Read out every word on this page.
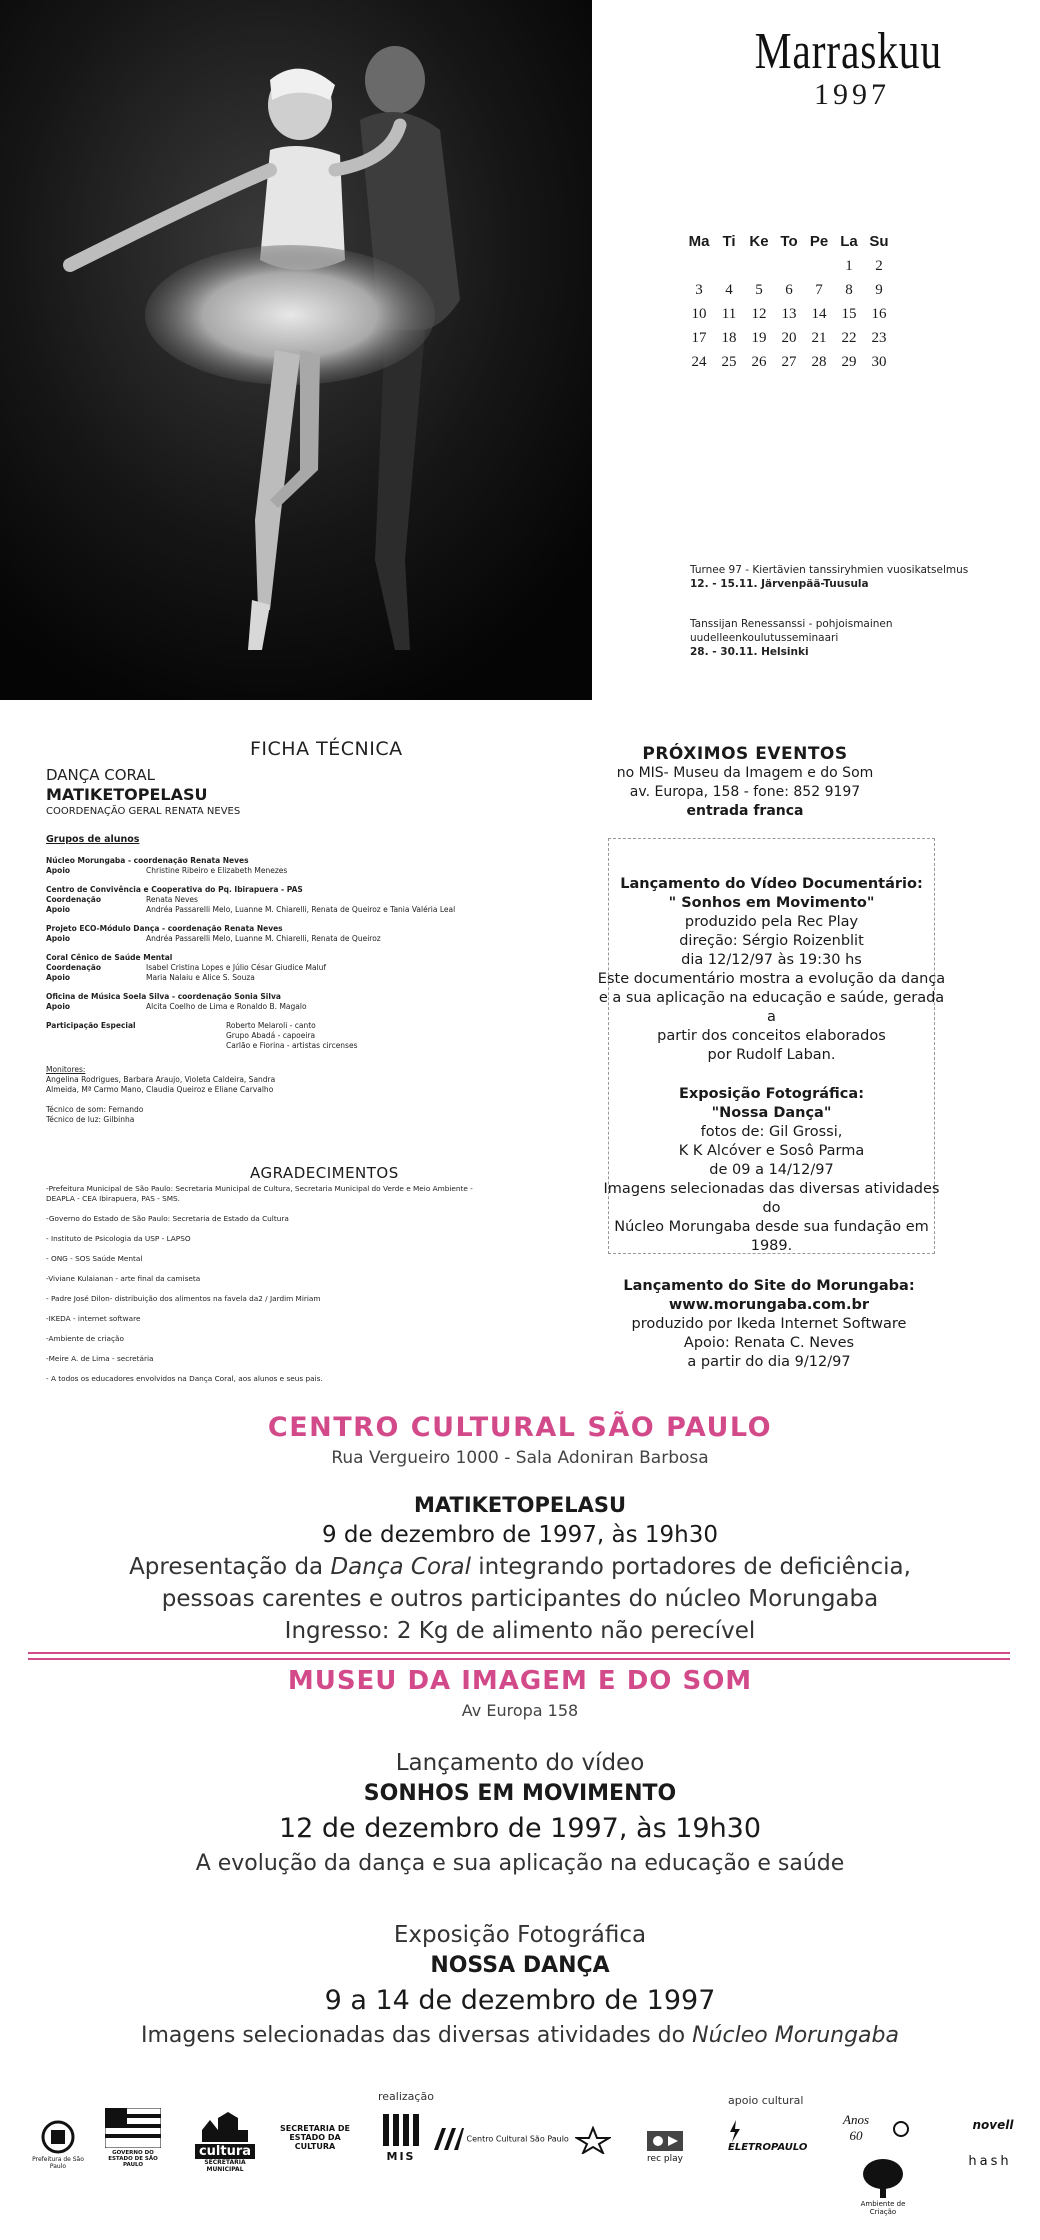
Marraskuu
1997
Ma	Ti	Ke	To	Pe	La	Su
					1	2
3	4	5	6	7	8	9
10	11	12	13	14	15	16
17	18	19	20	21	22	23
24	25	26	27	28	29	30
Turnee 97 - Kiertävien tanssiryhmien vuosikatselmus
12. - 15.11. Järvenpää-Tuusula
Tanssijan Renessanssi - pohjoismainen
uudelleenkoulutusseminaari
28. - 30.11. Helsinki
FICHA TÉCNICA
DANÇA CORAL
MATIKETOPELASU
COORDENAÇÃO GERAL RENATA NEVES
Grupos de alunos
Núcleo Morungaba - coordenação Renata Neves
Apoio	Christine Ribeiro e Elizabeth Menezes
Centro de Convivência e Cooperativa do Pq. Ibirapuera - PAS
Coordenação	Renata Neves
Apoio	Andréa Passarelli Melo, Luanne M. Chiarelli, Renata de Queiroz e Tania Valéria Leal
Projeto ECO-Módulo Dança - coordenação Renata Neves
Apoio	Andréa Passarelli Melo, Luanne M. Chiarelli, Renata de Queiroz
Coral Cênico de Saúde Mental
Coordenação	Isabel Cristina Lopes e Júlio César Giudice Maluf
Apoio	Maria Nalaiu e Alice S. Souza
Oficina de Música Soela Silva - coordenação Sonia Silva
Apoio	Alcita Coelho de Lima e Ronaldo B. Magalo
Participação Especial	Roberto Melaroli - canto
Grupo Abadá - capoeira
Carlão e Fiorina - artistas circenses
Monitores:
Angelina Rodrigues, Barbara Araujo, Violeta Caldeira, Sandra Almeida, Mª Carmo Mano, Claudia Queiroz e Eliane Carvalho
Técnico de som: Fernando
Técnico de luz: Gilbinha
AGRADECIMENTOS
-Prefeitura Municipal de São Paulo: Secretaria Municipal de Cultura, Secretaria Municipal do Verde e Meio Ambiente -DEAPLA - CEA Ibirapuera, PAS - SMS.
-Governo do Estado de São Paulo: Secretaria de Estado da Cultura
- Instituto de Psicologia da USP - LAPSO
- ONG - SOS Saúde Mental
-Viviane Kulaianan - arte final da camiseta
- Padre José Dilon- distribuição dos alimentos na favela da2 / Jardim Miriam
-IKEDA - internet software
-Ambiente de criação
-Meire A. de Lima - secretária
- A todos os educadores envolvidos na Dança Coral, aos alunos e seus pais.
PRÓXIMOS EVENTOS
no MIS- Museu da Imagem e do Som
av. Europa, 158 - fone: 852 9197
entrada franca
Lançamento do Vídeo Documentário:
" Sonhos em Movimento"
produzido pela Rec Play
direção: Sérgio Roizenblit
dia 12/12/97 às 19:30 hs
Este documentário mostra a evolução da dança
e a sua aplicação na educação e saúde, gerada a
partir dos conceitos elaborados
por Rudolf Laban.
Exposição Fotográfica:
"Nossa Dança"
fotos de: Gil Grossi,
K K Alcóver e Sosô Parma
de 09 a 14/12/97
Imagens selecionadas das diversas atividades do
Núcleo Morungaba desde sua fundação em
1989.
Lançamento do Site do Morungaba:
www.morungaba.com.br
produzido por Ikeda Internet Software
Apoio: Renata C. Neves
a partir do dia 9/12/97
CENTRO CULTURAL SÃO PAULO
Rua Vergueiro 1000 - Sala Adoniran Barbosa
MATIKETOPELASU
9 de dezembro de 1997, às 19h30
Apresentação da Dança Coral integrando portadores de deficiência,
pessoas carentes e outros participantes do núcleo Morungaba
Ingresso: 2 Kg de alimento não perecível
MUSEU DA IMAGEM E DO SOM
Av Europa 158
Lançamento do vídeo
SONHOS EM MOVIMENTO
12 de dezembro de 1997, às 19h30
A evolução da dança e sua aplicação na educação e saúde
Exposição Fotográfica
NOSSA DANÇA
9 a 14 de dezembro de 1997
Imagens selecionadas das diversas atividades do Núcleo Morungaba
realização	apoio cultural
Prefeitura de São Paulo
GOVERNO DO ESTADO DE SÃO PAULO
cultura
SECRETARIA MUNICIPAL
SECRETARIA DE ESTADO DA CULTURA
MIS
Centro Cultural São Paulo
rec play
ELETROPAULO
Anos 60
novell
hash
Ambiente de Criação
